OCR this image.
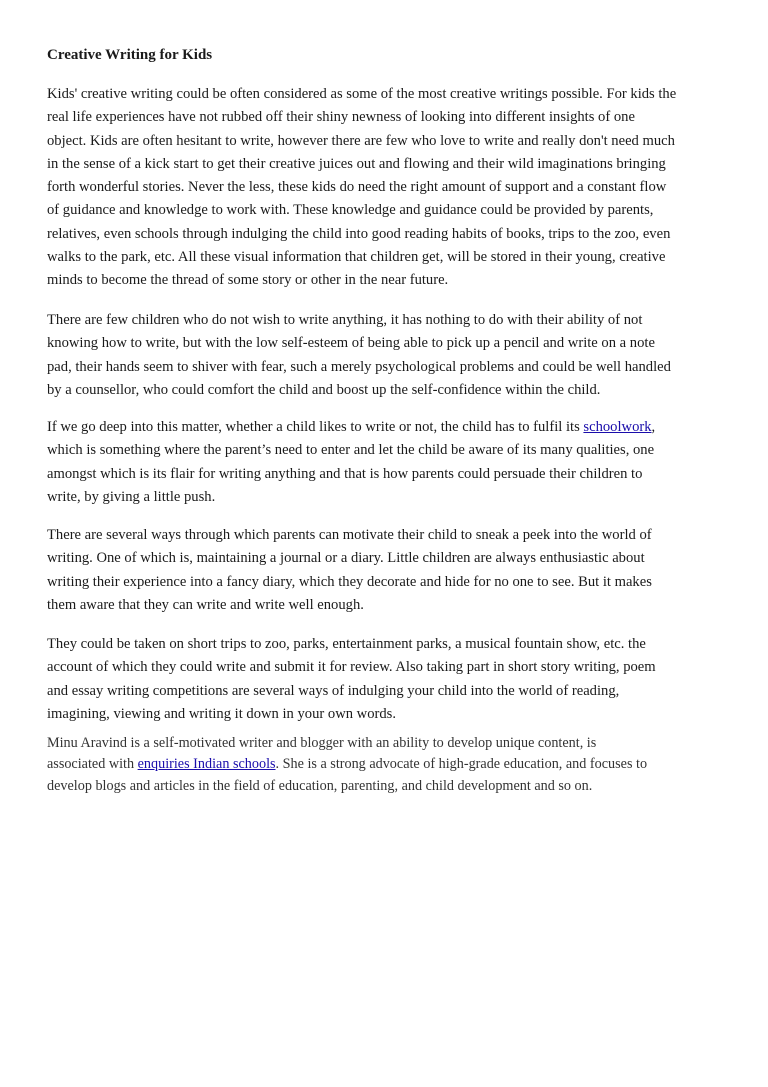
Creative Writing for Kids
Kids' creative writing could be often considered as some of the most creative writings possible. For kids the
real life experiences have not rubbed off their shiny newness of looking into different insights of one
object. Kids are often hesitant to write, however there are few who love to write and really don't need much
in the sense of a kick start to get their creative juices out and flowing and their wild imaginations bringing
forth wonderful stories. Never the less, these kids do need the right amount of support and a constant flow
of guidance and knowledge to work with. These knowledge and guidance could be provided by parents,
relatives, even schools through indulging the child into good reading habits of books, trips to the zoo, even
walks to the park, etc. All these visual information that children get, will be stored in their young, creative
minds to become the thread of some story or other in the near future.
There are few children who do not wish to write anything, it has nothing to do with their ability of not
knowing how to write, but with the low self-esteem of being able to pick up a pencil and write on a note
pad, their hands seem to shiver with fear, such a merely psychological problems and could be well handled
by a counsellor, who could comfort the child and boost up the self-confidence within the child.
If we go deep into this matter, whether a child likes to write or not, the child has to fulfil its schoolwork,
which is something where the parent’s need to enter and let the child be aware of its many qualities, one
amongst which is its flair for writing anything and that is how parents could persuade their children to
write, by giving a little push.
There are several ways through which parents can motivate their child to sneak a peek into the world of
writing. One of which is, maintaining a journal or a diary. Little children are always enthusiastic about
writing their experience into a fancy diary, which they decorate and hide for no one to see. But it makes
them aware that they can write and write well enough.
They could be taken on short trips to zoo, parks, entertainment parks, a musical fountain show, etc. the
account of which they could write and submit it for review. Also taking part in short story writing, poem
and essay writing competitions are several ways of indulging your child into the world of reading,
imagining, viewing and writing it down in your own words.
Minu Aravind is a self-motivated writer and blogger with an ability to develop unique content, is
associated with enquiries Indian schools. She is a strong advocate of high-grade education, and focuses to
develop blogs and articles in the field of education, parenting, and child development and so on.
